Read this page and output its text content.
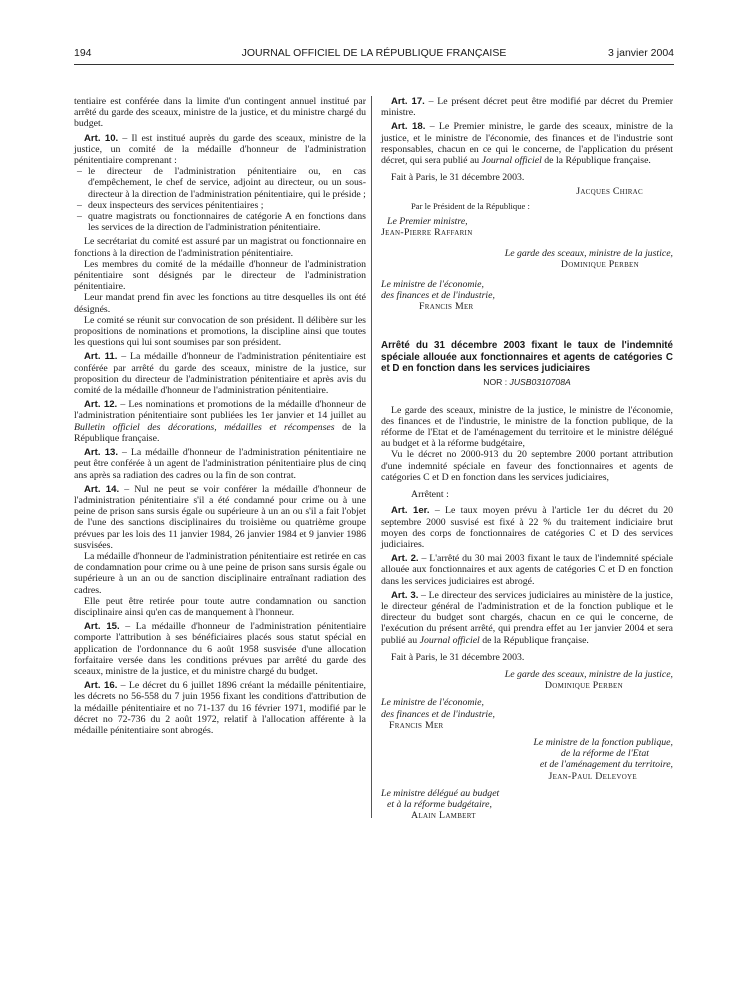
194	JOURNAL OFFICIEL DE LA RÉPUBLIQUE FRANÇAISE	3 janvier 2004

tentiaire est conférée dans la limite d'un contingent annuel institué par arrêté du garde des sceaux, ministre de la justice, et du ministre chargé du budget.

Art. 10. – Il est institué auprès du garde des sceaux, ministre de la justice, un comité de la médaille d'honneur de l'administration pénitentiaire comprenant :

– le directeur de l'administration pénitentiaire ou, en cas d'empêchement, le chef de service, adjoint au directeur, ou un sous-directeur à la direction de l'administration pénitentiaire, qui le préside ;
– deux inspecteurs des services pénitentiaires ;
– quatre magistrats ou fonctionnaires de catégorie A en fonctions dans les services de la direction de l'administration pénitentiaire.

Le secrétariat du comité est assuré par un magistrat ou fonctionnaire en fonctions à la direction de l'administration pénitentiaire.

Les membres du comité de la médaille d'honneur de l'administration pénitentiaire sont désignés par le directeur de l'administration pénitentiaire.

Leur mandat prend fin avec les fonctions au titre desquelles ils ont été désignés.

Le comité se réunit sur convocation de son président. Il délibère sur les propositions de nominations et promotions, la discipline ainsi que toutes les questions qui lui sont soumises par son président.

Art. 11. – La médaille d'honneur de l'administration pénitentiaire est conférée par arrêté du garde des sceaux, ministre de la justice, sur proposition du directeur de l'administration pénitentiaire et après avis du comité de la médaille d'honneur de l'administration pénitentiaire.

Art. 12. – Les nominations et promotions de la médaille d'honneur de l'administration pénitentiaire sont publiées les 1er janvier et 14 juillet au Bulletin officiel des décorations, médailles et récompenses de la République française.

Art. 13. – La médaille d'honneur de l'administration pénitentiaire ne peut être conférée à un agent de l'administration pénitentiaire plus de cinq ans après sa radiation des cadres ou la fin de son contrat.

Art. 14. – Nul ne peut se voir conférer la médaille d'honneur de l'administration pénitentiaire s'il a été condamné pour crime ou à une peine de prison sans sursis égale ou supérieure à un an ou s'il a fait l'objet de l'une des sanctions disciplinaires du troisième ou quatrième groupe prévues par les lois des 11 janvier 1984, 26 janvier 1984 et 9 janvier 1986 susvisées.

La médaille d'honneur de l'administration pénitentiaire est retirée en cas de condamnation pour crime ou à une peine de prison sans sursis égale ou supérieure à un an ou de sanction disciplinaire entraînant radiation des cadres.

Elle peut être retirée pour toute autre condamnation ou sanction disciplinaire ainsi qu'en cas de manquement à l'honneur.

Art. 15. – La médaille d'honneur de l'administration pénitentiaire comporte l'attribution à ses bénéficiaires placés sous statut spécial en application de l'ordonnance du 6 août 1958 susvisée d'une allocation forfaitaire versée dans les conditions prévues par arrêté du garde des sceaux, ministre de la justice, et du ministre chargé du budget.

Art. 16. – Le décret du 6 juillet 1896 créant la médaille pénitentiaire, les décrets no 56-558 du 7 juin 1956 fixant les conditions d'attribution de la médaille pénitentiaire et no 71-137 du 16 février 1971, modifié par le décret no 72-736 du 2 août 1972, relatif à l'allocation afférente à la médaille pénitentiaire sont abrogés.

Art. 17. – Le présent décret peut être modifié par décret du Premier ministre.

Art. 18. – Le Premier ministre, le garde des sceaux, ministre de la justice, et le ministre de l'économie, des finances et de l'industrie sont responsables, chacun en ce qui le concerne, de l'application du présent décret, qui sera publié au Journal officiel de la République française.

Fait à Paris, le 31 décembre 2003.

Jacques Chirac

Par le Président de la République :

Le Premier ministre,

Jean-Pierre Raffarin

Le garde des sceaux, ministre de la justice,

Dominique Perben

Le ministre de l'économie,

des finances et de l'industrie,

Francis Mer

Arrêté du 31 décembre 2003 fixant le taux de l'indemnité spéciale allouée aux fonctionnaires et agents de catégories C et D en fonction dans les services judiciaires

NOR : JUSB0310708A

Le garde des sceaux, ministre de la justice, le ministre de l'économie, des finances et de l'industrie, le ministre de la fonction publique, de la réforme de l'Etat et de l'aménagement du territoire et le ministre délégué au budget et à la réforme budgétaire,

Vu le décret no 2000-913 du 20 septembre 2000 portant attribution d'une indemnité spéciale en faveur des fonctionnaires et agents de catégories C et D en fonction dans les services judiciaires,

Arrêtent :

Art. 1er. – Le taux moyen prévu à l'article 1er du décret du 20 septembre 2000 susvisé est fixé à 22 % du traitement indiciaire brut moyen des corps de fonctionnaires de catégories C et D des services judiciaires.

Art. 2. – L'arrêté du 30 mai 2003 fixant le taux de l'indemnité spéciale allouée aux fonctionnaires et aux agents de catégories C et D en fonction dans les services judiciaires est abrogé.

Art. 3. – Le directeur des services judiciaires au ministère de la justice, le directeur général de l'administration et de la fonction publique et le directeur du budget sont chargés, chacun en ce qui le concerne, de l'exécution du présent arrêté, qui prendra effet au 1er janvier 2004 et sera publié au Journal officiel de la République française.

Fait à Paris, le 31 décembre 2003.

Le garde des sceaux, ministre de la justice,

Dominique Perben

Le ministre de l'économie,

des finances et de l'industrie,

Francis Mer

Le ministre de la fonction publique,

de la réforme de l'Etat

et de l'aménagement du territoire,

Jean-Paul Delevoye

Le ministre délégué au budget

et à la réforme budgétaire,

Alain Lambert
